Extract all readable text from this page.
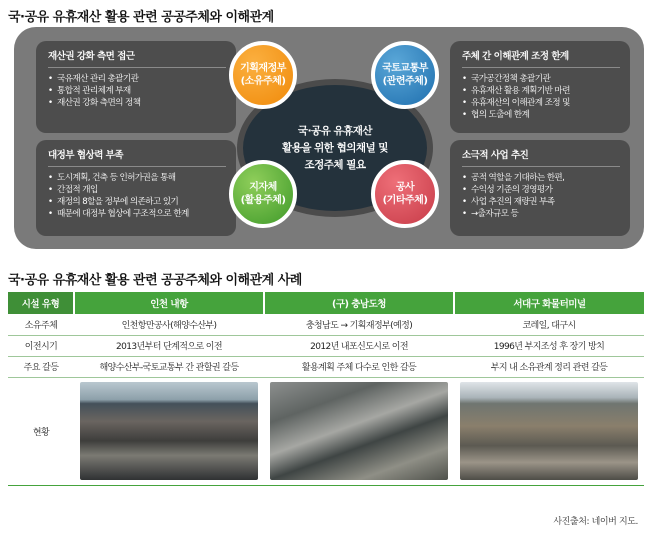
국·공유 유휴재산 활용 관련 공공주체와 이해관계
재산권 강화 측면 접근
• 국유재산 관리 총괄기관
• 통합적 관리체계 부재
• 재산권 강화 측면의 정책
대정부 협상력 부족
• 도시계획, 건축 등 인허가권을 통해
• 간접적 개입
• 재정의 8할을 정부에 의존하고 있기
• 때문에 대정부 협상에 구조적으로 한계
주체 간 이해관계 조정 한계
• 국가공간정책 총괄기관
• 유휴재산 활용 계획기반 마련
• 유휴재산의 이해관계 조정 및
• 협의 도출에 한계
소극적 사업 추진
• 공적 역할을 기대하는 한편,
• 수익성 기준의 경영평가
• 사업 추진의 재량권 부족
• →출자규모 등
국·공유 유휴재산
활용을 위한 협의채널 및
조정주체 필요
기획재정부
(소유주체)
국토교통부
(관련주체)
지자체
(활용주체)
공사
(기타주체)
국·공유 유휴재산 활용 관련 공공주체와 이해관계 사례
시설 유형	인천 내항	(구) 충남도청	서대구 화물터미널
소유주체	인천항만공사(해양수산부)	충청남도 → 기획재정부(예정)	코레일, 대구시
이전시기	2013년부터 단계적으로 이전	2012년 내포신도시로 이전	1996년 부지조성 후 장기 방치
주요 갈등	해양수산부-국토교통부 간 관할권 갈등	활용계획 주체 다수로 인한 갈등	부지 내 소유관계 정리 관련 갈등
현황	

사진출처: 네이버 지도.
